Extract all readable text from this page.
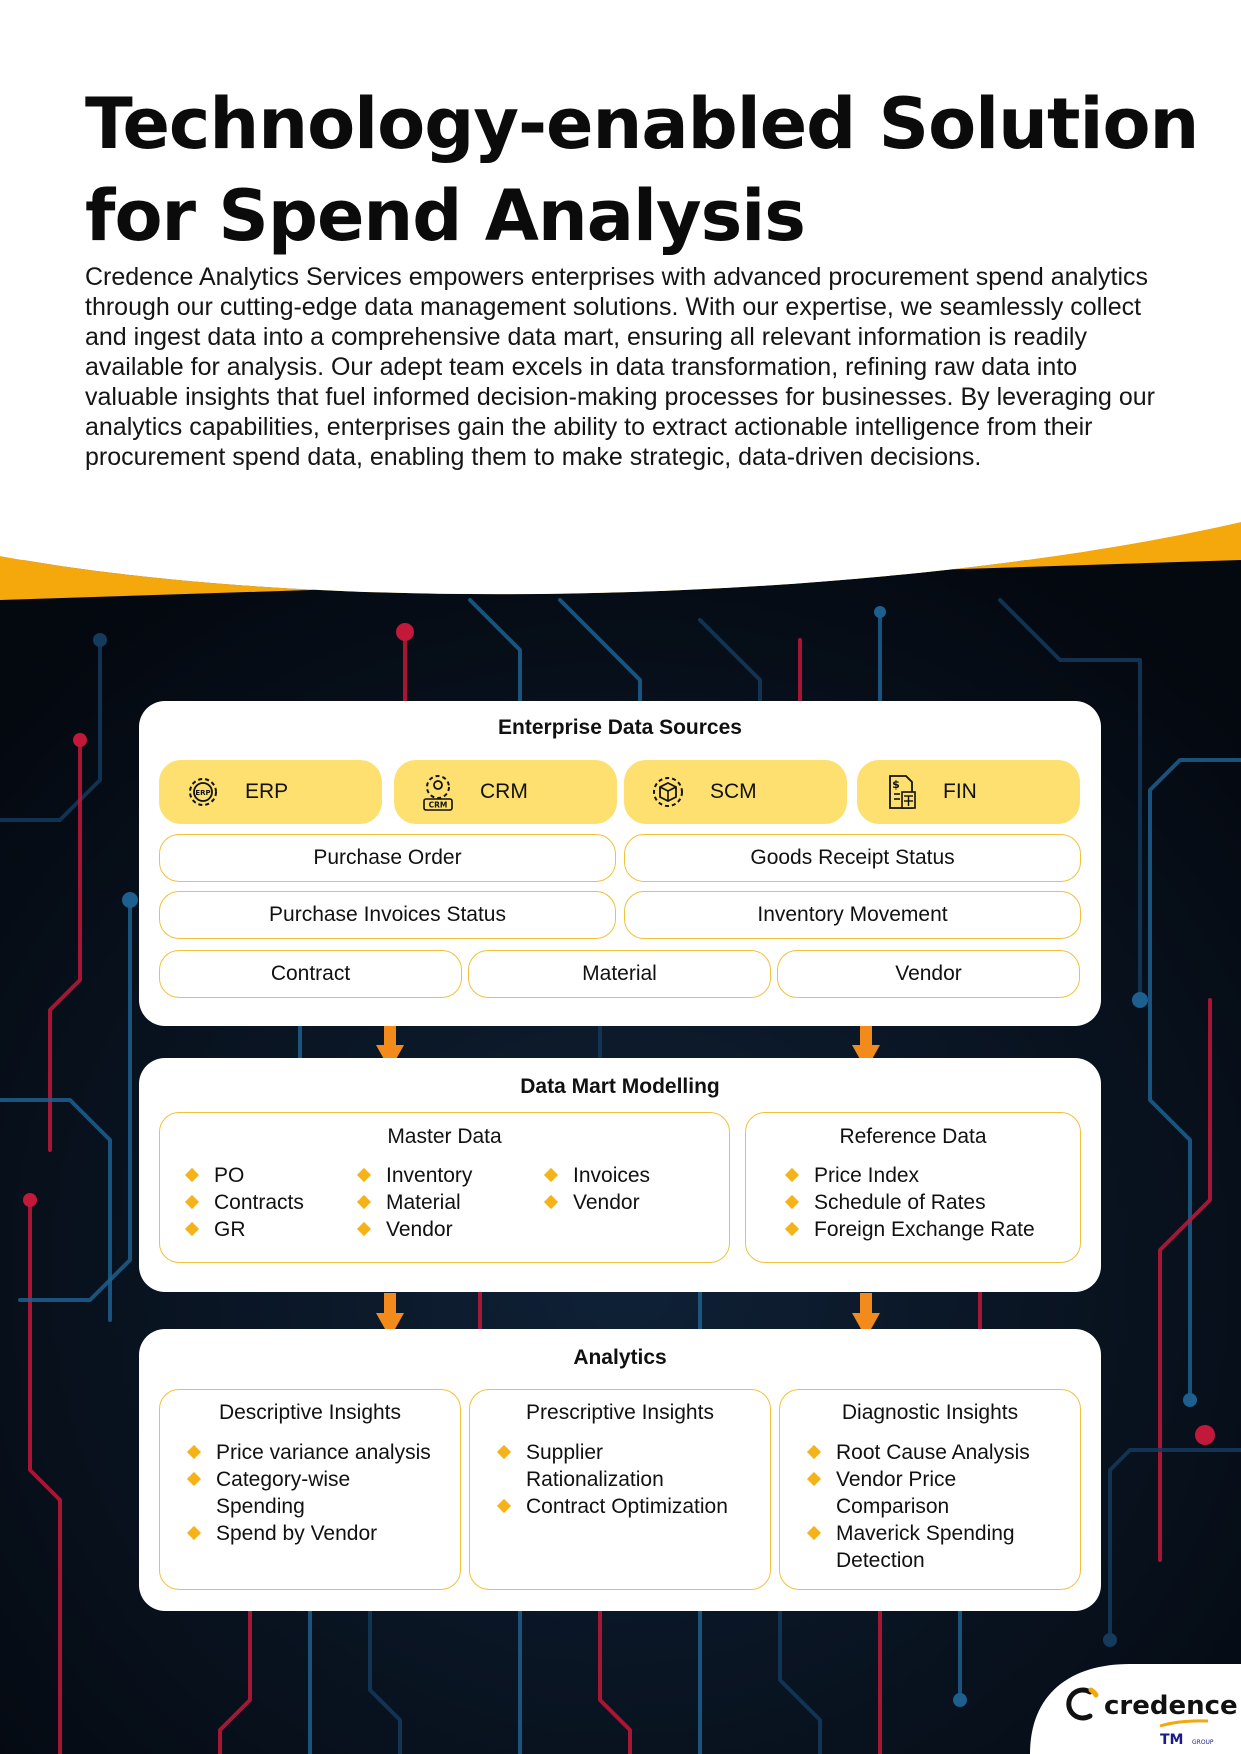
Technology-enabled Solution for Spend Analysis

Credence Analytics Services empowers enterprises with advanced procurement spend analytics through our cutting-edge data management solutions. With our expertise, we seamlessly collect and ingest data into a comprehensive data mart, ensuring all relevant information is readily available for analysis. Our adept team excels in data transformation, refining raw data into valuable insights that fuel informed decision-making processes for businesses. By leveraging our analytics capabilities, enterprises gain the ability to extract actionable intelligence from their procurement spend data, enabling them to make strategic, data-driven decisions.

Enterprise Data Sources
ERP ERP
CRM
CRM	SCM	$ FIN
Purchase Order	Goods Receipt Status
Purchase Invoices Status	Inventory Movement
Contract	Material	Vendor
Data Mart Modelling
Master Data
PO
Contracts
GR
Inventory
Material
Vendor
Invoices
Vendor
Reference Data
Price Index
Schedule of Rates
Foreign Exchange Rate
Analytics
Descriptive Insights
Price variance analysis
Category-wise Spending
Spend by Vendor
Prescriptive Insights
Supplier Rationalization
Contract Optimization
Diagnostic Insights
Root Cause Analysis
Vendor Price Comparison
Maverick Spending Detection
credence
TM GROUP
